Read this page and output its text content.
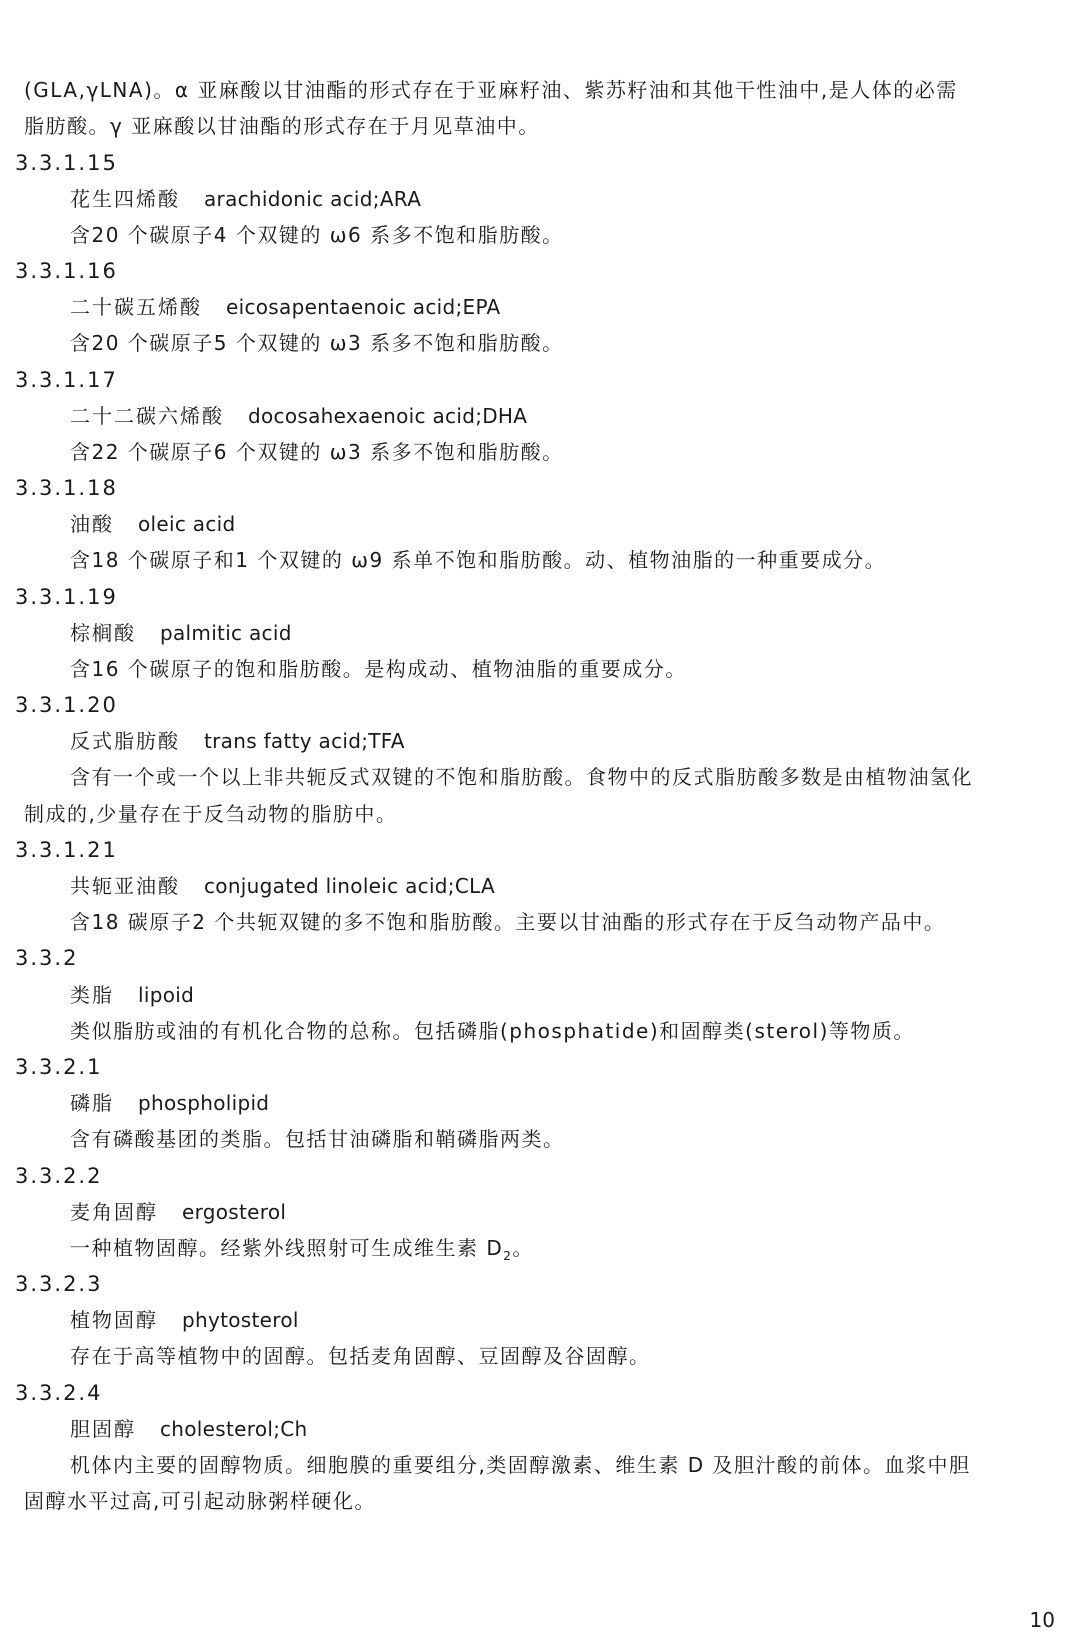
(GLA,γLNA)。α 亚麻酸以甘油酯的形式存在于亚麻籽油、紫苏籽油和其他干性油中,是人体的必需
脂肪酸。γ 亚麻酸以甘油酯的形式存在于月见草油中。
3.3.1.15
花生四烯酸 arachidonic acid;ARA
含20 个碳原子4 个双键的 ω6 系多不饱和脂肪酸。
3.3.1.16
二十碳五烯酸 eicosapentaenoic acid;EPA
含20 个碳原子5 个双键的 ω3 系多不饱和脂肪酸。
3.3.1.17
二十二碳六烯酸 docosahexaenoic acid;DHA
含22 个碳原子6 个双键的 ω3 系多不饱和脂肪酸。
3.3.1.18
油酸 oleic acid
含18 个碳原子和1 个双键的 ω9 系单不饱和脂肪酸。动、植物油脂的一种重要成分。
3.3.1.19
棕榈酸 palmitic acid
含16 个碳原子的饱和脂肪酸。是构成动、植物油脂的重要成分。
3.3.1.20
反式脂肪酸 trans fatty acid;TFA
含有一个或一个以上非共轭反式双键的不饱和脂肪酸。食物中的反式脂肪酸多数是由植物油氢化
制成的,少量存在于反刍动物的脂肪中。
3.3.1.21
共轭亚油酸 conjugated linoleic acid;CLA
含18 碳原子2 个共轭双键的多不饱和脂肪酸。主要以甘油酯的形式存在于反刍动物产品中。
3.3.2
类脂 lipoid
类似脂肪或油的有机化合物的总称。包括磷脂(phosphatide)和固醇类(sterol)等物质。
3.3.2.1
磷脂 phospholipid
含有磷酸基团的类脂。包括甘油磷脂和鞘磷脂两类。
3.3.2.2
麦角固醇 ergosterol
一种植物固醇。经紫外线照射可生成维生素 $D_2$。
3.3.2.3
植物固醇 phytosterol
存在于高等植物中的固醇。包括麦角固醇、豆固醇及谷固醇。
3.3.2.4
胆固醇 cholesterol;Ch
机体内主要的固醇物质。细胞膜的重要组分,类固醇激素、维生素 D 及胆汁酸的前体。血浆中胆
固醇水平过高,可引起动脉粥样硬化。
10
